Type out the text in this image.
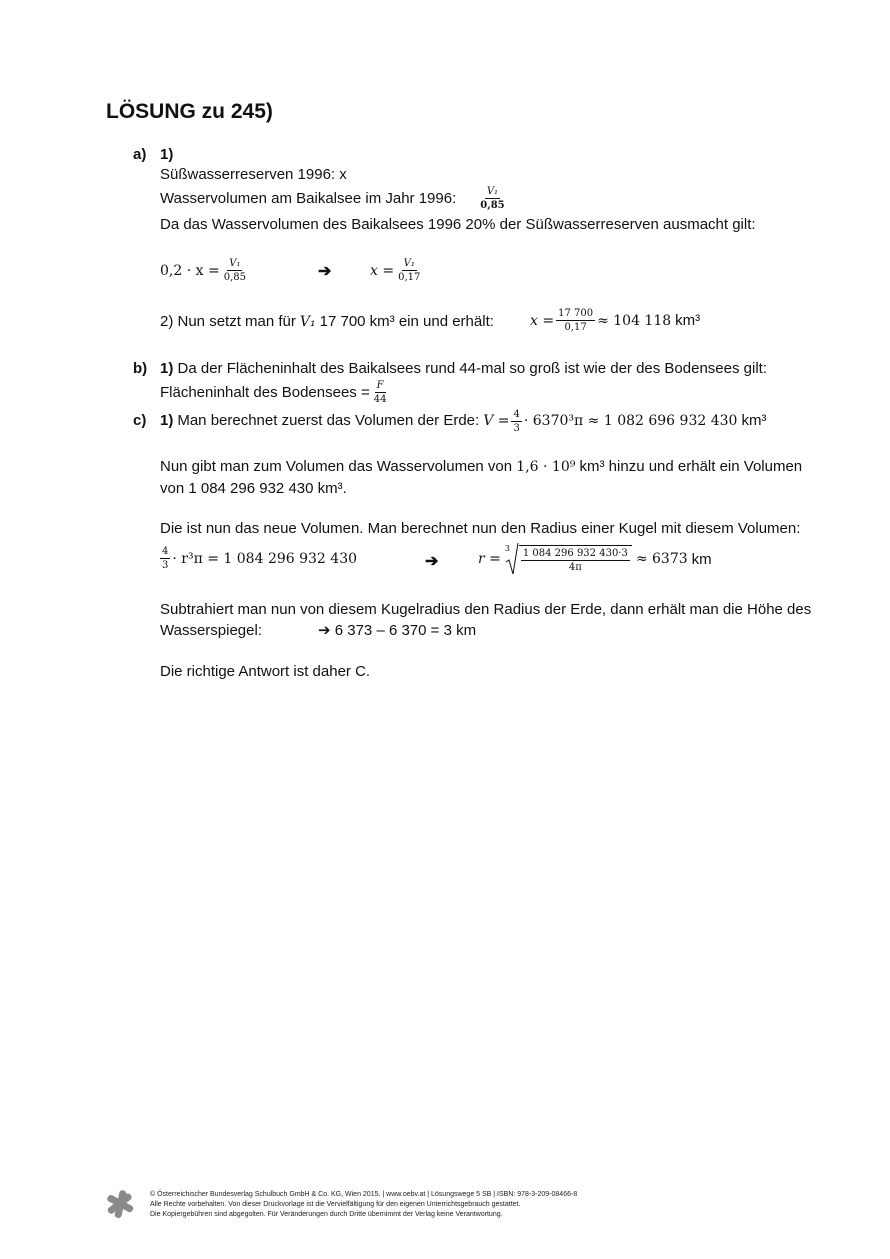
LÖSUNG zu 245)
a) 1)
Süßwasserreserven 1996: x
Wasservolumen am Baikalsee im Jahr 1996: $\frac{\text{V₁}}{0,85}$
Da das Wasservolumen des Baikalsees 1996 20% der Süßwasserreserven ausmacht gilt:
$0,2 \cdot x = \frac{\text{V₁}}{0,85}$	➔	$x = \frac{\text{V₁}}{0,17}$
2) Nun setzt man für V₁ 17 700 km³ ein und erhält:	$x = \frac{17 700}{0,17} \approx 104$ 118 km³
b) 1) Da der Flächeninhalt des Baikalsees rund 44-mal so groß ist wie der des Bodensees gilt:
Flächeninhalt des Bodensees = $\frac{F}{44}$
c) 1) Man berechnet zuerst das Volumen der Erde: $V = \frac{4}{3} \cdot 6370^3\pi \approx 1$ 082 696 932 430 km³
Nun gibt man zum Volumen das Wasservolumen von 1,6 · 10⁹ km³ hinzu und erhält ein Volumen
von 1 084 296 932 430 km³.
Die ist nun das neue Volumen. Man berechnet nun den Radius einer Kugel mit diesem Volumen:
$\frac{4}{3} \cdot r^3\pi = 1$ 084 296 932 430	➔	r =
$3 \frac{1 084 296 932 430\cdot 3}{4\pi} \approx 6373$ km
Subtrahiert man nun von diesem Kugelradius den Radius der Erde, dann erhält man die Höhe des
Wasserspiegel:	➔ 6 373 – 6 370 = 3 km
Die richtige Antwort ist daher C.
© Österreichischer Bundesverlag Schulbuch GmbH & Co. KG, Wien 2015. | www.oebv.at | Lösungswege 5 SB | ISBN: 978-3-209-08466-8
Alle Rechte vorbehalten. Von dieser Druckvorlage ist die Vervielfältigung für den eigenen Unterrichtsgebrauch gestattet.
Die Kopiergebühren sind abgegolten. Für Veränderungen durch Dritte übernimmt der Verlag keine Verantwortung.
